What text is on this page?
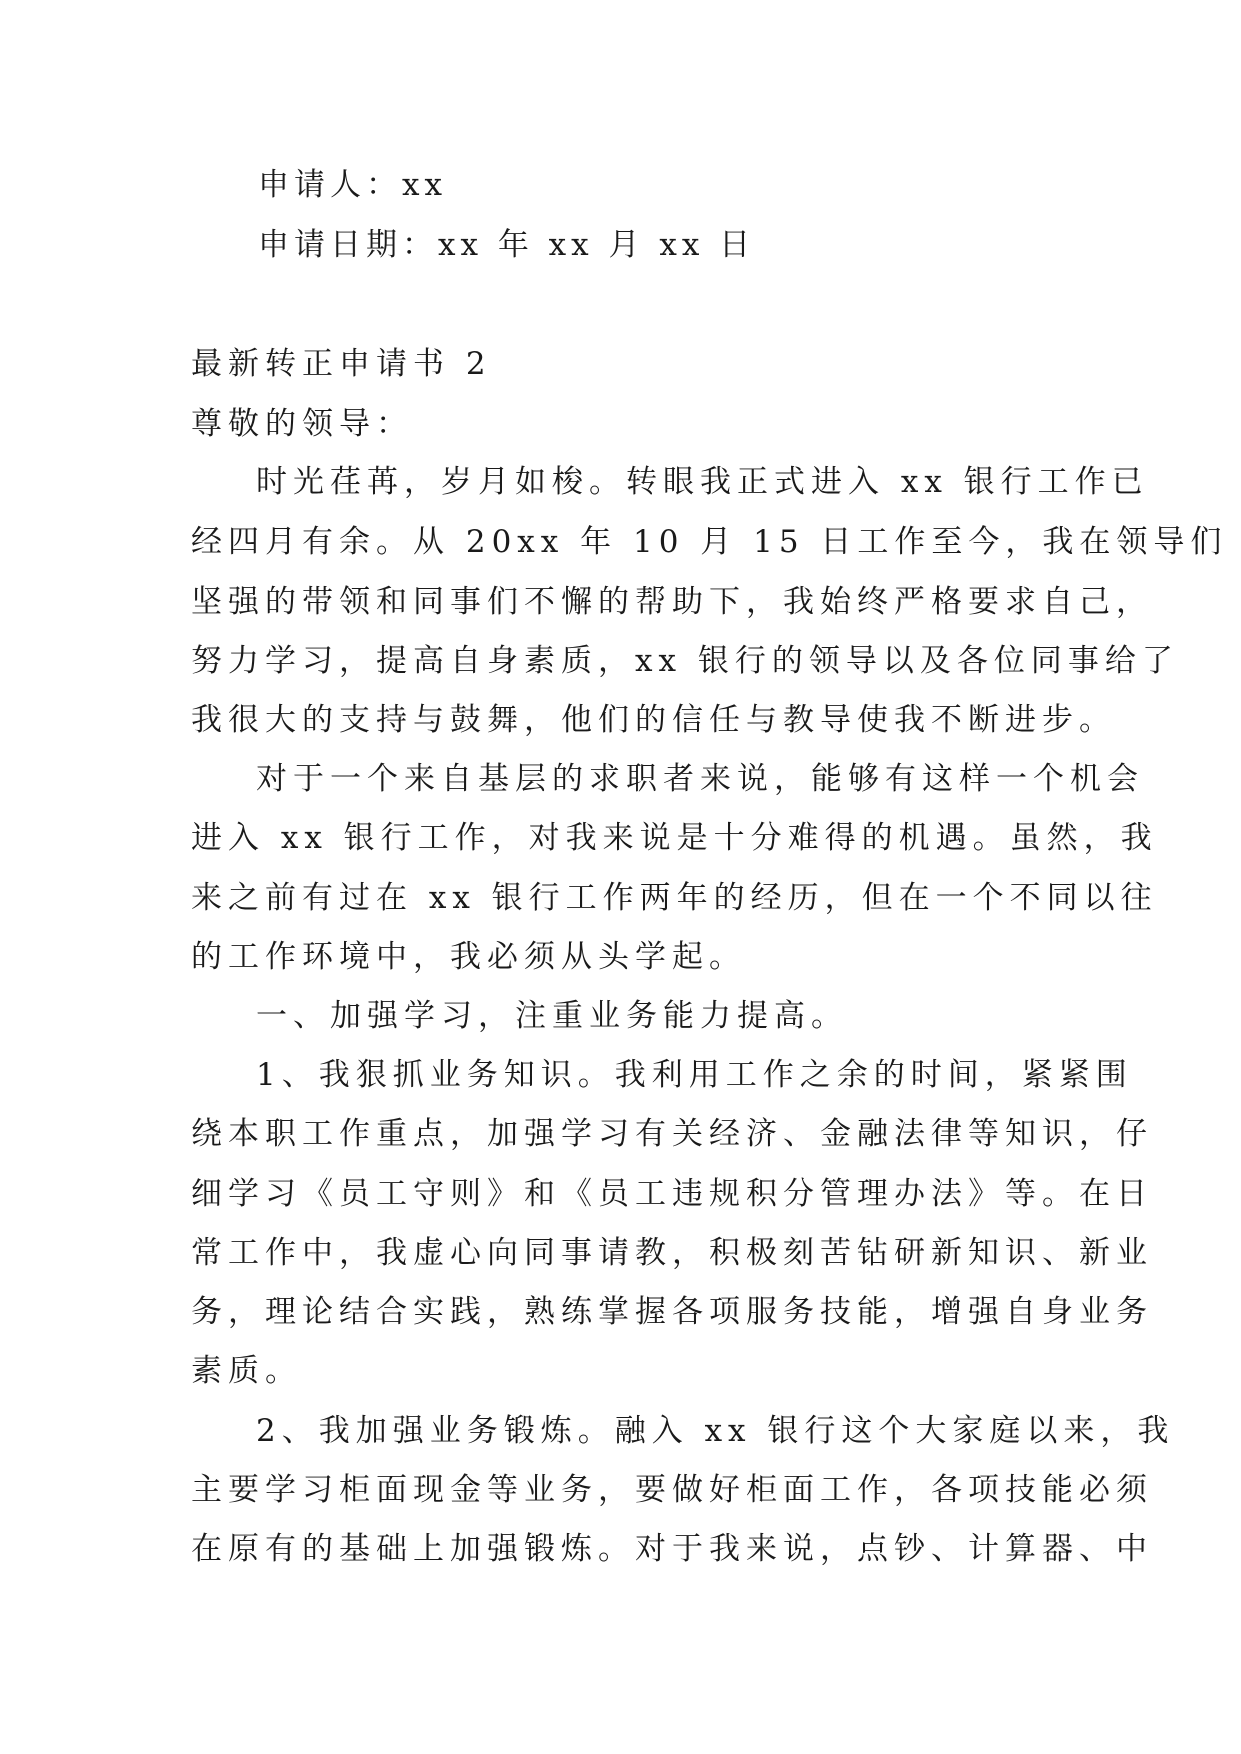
申请人：xx
申请日期：xx 年 xx 月 xx 日
最新转正申请书 2
尊敬的领导：
时光荏苒，岁月如梭。转眼我正式进入 xx 银行工作已
经四月有余。从 20xx 年 10 月 15 日工作至今，我在领导们
坚强的带领和同事们不懈的帮助下，我始终严格要求自己，
努力学习，提高自身素质，xx 银行的领导以及各位同事给了
我很大的支持与鼓舞，他们的信任与教导使我不断进步。
对于一个来自基层的求职者来说，能够有这样一个机会
进入 xx 银行工作，对我来说是十分难得的机遇。虽然，我
来之前有过在 xx 银行工作两年的经历，但在一个不同以往
的工作环境中，我必须从头学起。
一、加强学习，注重业务能力提高。
1、我狠抓业务知识。我利用工作之余的时间，紧紧围
绕本职工作重点，加强学习有关经济、金融法律等知识，仔
细学习《员工守则》和《员工违规积分管理办法》等。在日
常工作中，我虚心向同事请教，积极刻苦钻研新知识、新业
务，理论结合实践，熟练掌握各项服务技能，增强自身业务
素质。
2、我加强业务锻炼。融入 xx 银行这个大家庭以来，我
主要学习柜面现金等业务，要做好柜面工作，各项技能必须
在原有的基础上加强锻炼。对于我来说，点钞、计算器、中
